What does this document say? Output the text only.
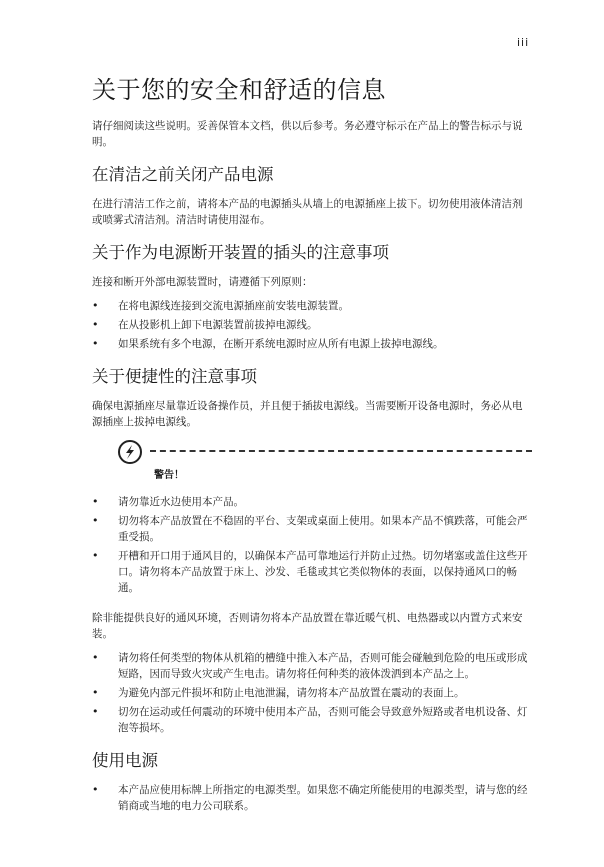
iii
关于您的安全和舒适的信息

请仔细阅读这些说明。妥善保管本文档，供以后参考。务必遵守标示在产品上的警告标示与说明。

在清洁之前关闭产品电源

在进行清洁工作之前，请将本产品的电源插头从墙上的电源插座上拔下。切勿使用液体清洁剂或喷雾式清洁剂。清洁时请使用湿布。

关于作为电源断开装置的插头的注意事项

连接和断开外部电源装置时，请遵循下列原则：

• 在将电源线连接到交流电源插座前安装电源装置。
• 在从投影机上卸下电源装置前拔掉电源线。
• 如果系统有多个电源，在断开系统电源时应从所有电源上拔掉电源线。
关于便捷性的注意事项

确保电源插座尽量靠近设备操作员，并且便于插拔电源线。当需要断开设备电源时，务必从电源插座上拔掉电源线。

警告！
• 请勿靠近水边使用本产品。
• 切勿将本产品放置在不稳固的平台、支架或桌面上使用。如果本产品不慎跌落，可能会严重受损。
• 开槽和开口用于通风目的，以确保本产品可靠地运行并防止过热。切勿堵塞或盖住这些开口。请勿将本产品放置于床上、沙发、毛毯或其它类似物体的表面，以保持通风口的畅通。

除非能提供良好的通风环境，否则请勿将本产品放置在靠近暖气机、电热器或以内置方式来安装。

• 请勿将任何类型的物体从机箱的槽缝中推入本产品，否则可能会碰触到危险的电压或形成短路，因而导致火灾或产生电击。请勿将任何种类的液体泼洒到本产品之上。
• 为避免内部元件损坏和防止电池泄漏，请勿将本产品放置在震动的表面上。
• 切勿在运动或任何震动的环境中使用本产品，否则可能会导致意外短路或者电机设备、灯泡等损坏。
使用电源
• 本产品应使用标牌上所指定的电源类型。如果您不确定所能使用的电源类型，请与您的经销商或当地的电力公司联系。
